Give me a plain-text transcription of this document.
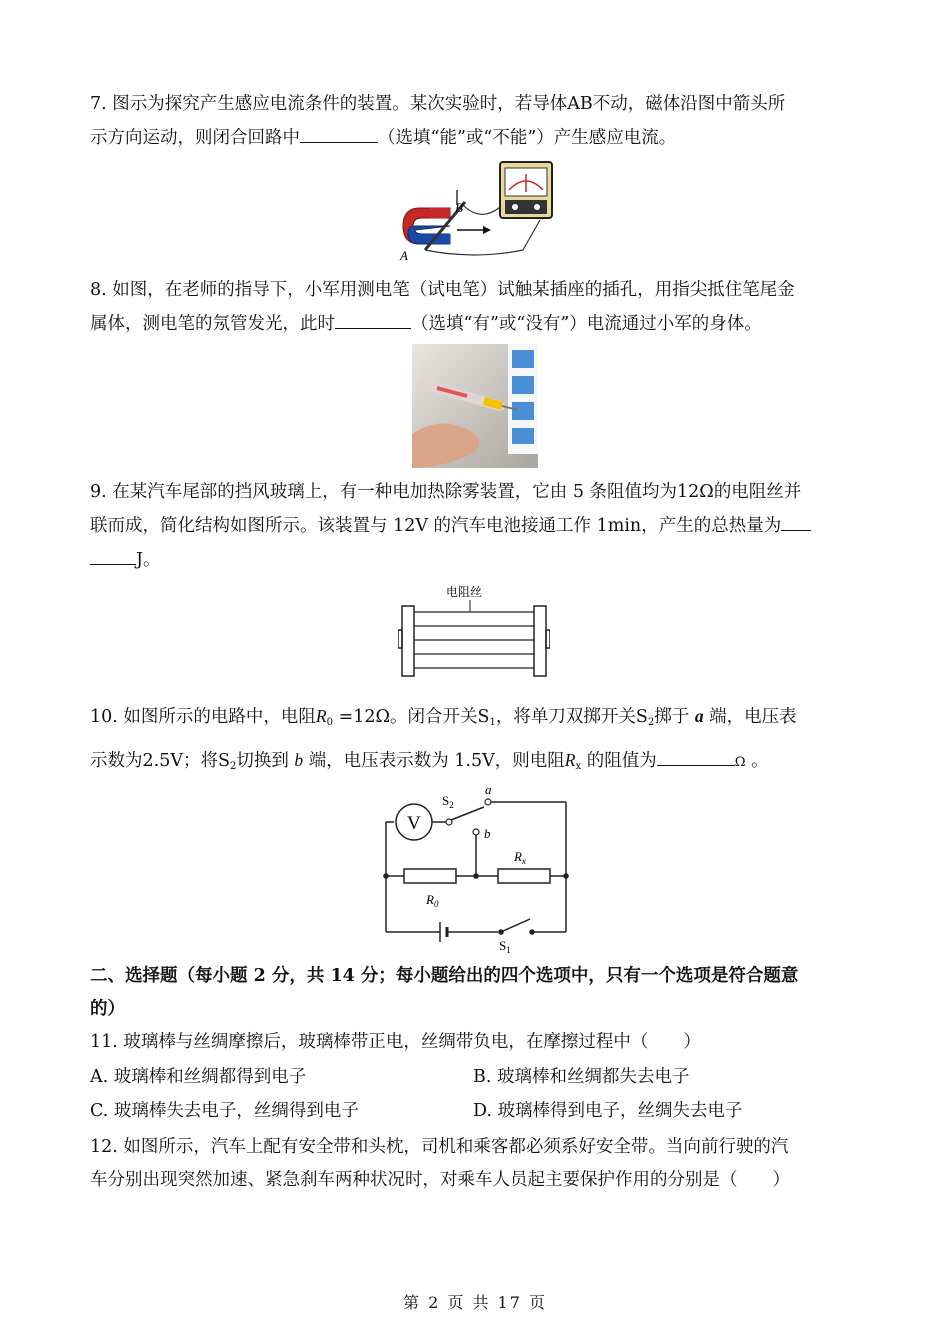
7. 图示为探究产生感应电流条件的装置。某次实验时，若导体AB不动，磁体沿图中箭头所
示方向运动，则闭合回路中	（选填“能”或“不能”）产生感应电流。
B
A
8. 如图，在老师的指导下，小军用测电笔（试电笔）试触某插座的插孔，用指尖抵住笔尾金
属体，测电笔的氖管发光，此时	（选填“有”或“没有”）电流通过小军的身体。
9. 在某汽车尾部的挡风玻璃上，有一种电加热除雾装置，它由 5 条阻值均为12Ω的电阻丝并
联而成，简化结构如图所示。该装置与 12V 的汽车电池接通工作 1min，产生的总热量为
J。
电阻丝
10. 如图所示的电路中，电阻$R_0 =12\Omega$。闭合开关$S_1$，将单刀双掷开关$S_2$掷于 a 端，电压表
示数为2.5V；将$S_2$切换到 b 端，电压表示数为 1.5V，则电阻$R_x$ 的阻值为	Ω 。
V
$S_2$
a
b
$R_x$
$R_0$
$S_1$
二、选择题（每小题 2 分，共 14 分；每小题给出的四个选项中，只有一个选项是符合题意
的）
11. 玻璃棒与丝绸摩擦后，玻璃棒带正电，丝绸带负电，在摩擦过程中（　　）
A. 玻璃棒和丝绸都得到电子	B. 玻璃棒和丝绸都失去电子
C. 玻璃棒失去电子，丝绸得到电子	D. 玻璃棒得到电子，丝绸失去电子
12. 如图所示，汽车上配有安全带和头枕，司机和乘客都必须系好安全带。当向前行驶的汽
车分别出现突然加速、紧急刹车两种状况时，对乘车人员起主要保护作用的分别是（　　）
第 2 页 共 17 页
